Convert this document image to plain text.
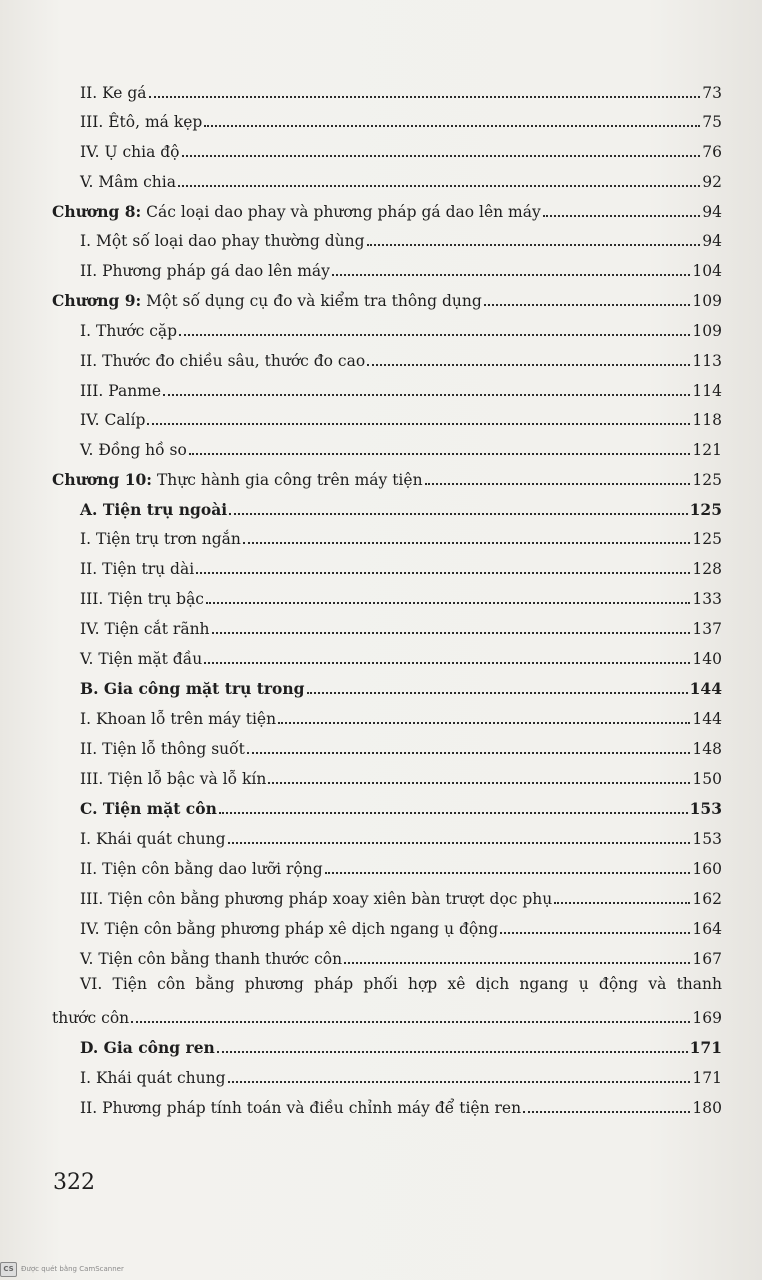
II. Ke gá	73
III. Êtô, má kẹp	75
IV. Ụ chia độ	76
V. Mâm chia	92
Chương 8: Các loại dao phay và phương pháp gá dao lên máy	94
I. Một số loại dao phay thường dùng	94
II. Phương pháp gá dao lên máy	104
Chương 9: Một số dụng cụ đo và kiểm tra thông dụng	109
I. Thước cặp	109
II. Thước đo chiều sâu, thước đo cao	113
III. Panme	114
IV. Calíp	118
V. Đồng hồ so	121
Chương 10: Thực hành gia công trên máy tiện	125
A. Tiện trụ ngoài	125
I. Tiện trụ trơn ngắn	125
II. Tiện trụ dài	128
III. Tiện trụ bậc	133
IV. Tiện cắt rãnh	137
V. Tiện mặt đầu	140
B. Gia công mặt trụ trong	144
I. Khoan lỗ trên máy tiện	144
II. Tiện lỗ thông suốt	148
III. Tiện lỗ bậc và lỗ kín	150
C. Tiện mặt côn	153
I. Khái quát chung	153
II. Tiện côn bằng dao lưỡi rộng	160
III. Tiện côn bằng phương pháp xoay xiên bàn trượt dọc phụ	162
IV. Tiện côn bằng phương pháp xê dịch ngang ụ động	164
V. Tiện côn bằng thanh thước côn	167
VI. Tiện côn bằng phương pháp phối hợp xê dịch ngang ụ động và thanh
thước côn	169
D. Gia công ren	171
I. Khái quát chung	171
II. Phương pháp tính toán và điều chỉnh máy để tiện ren	180
322
CS	Được quét bằng CamScanner
